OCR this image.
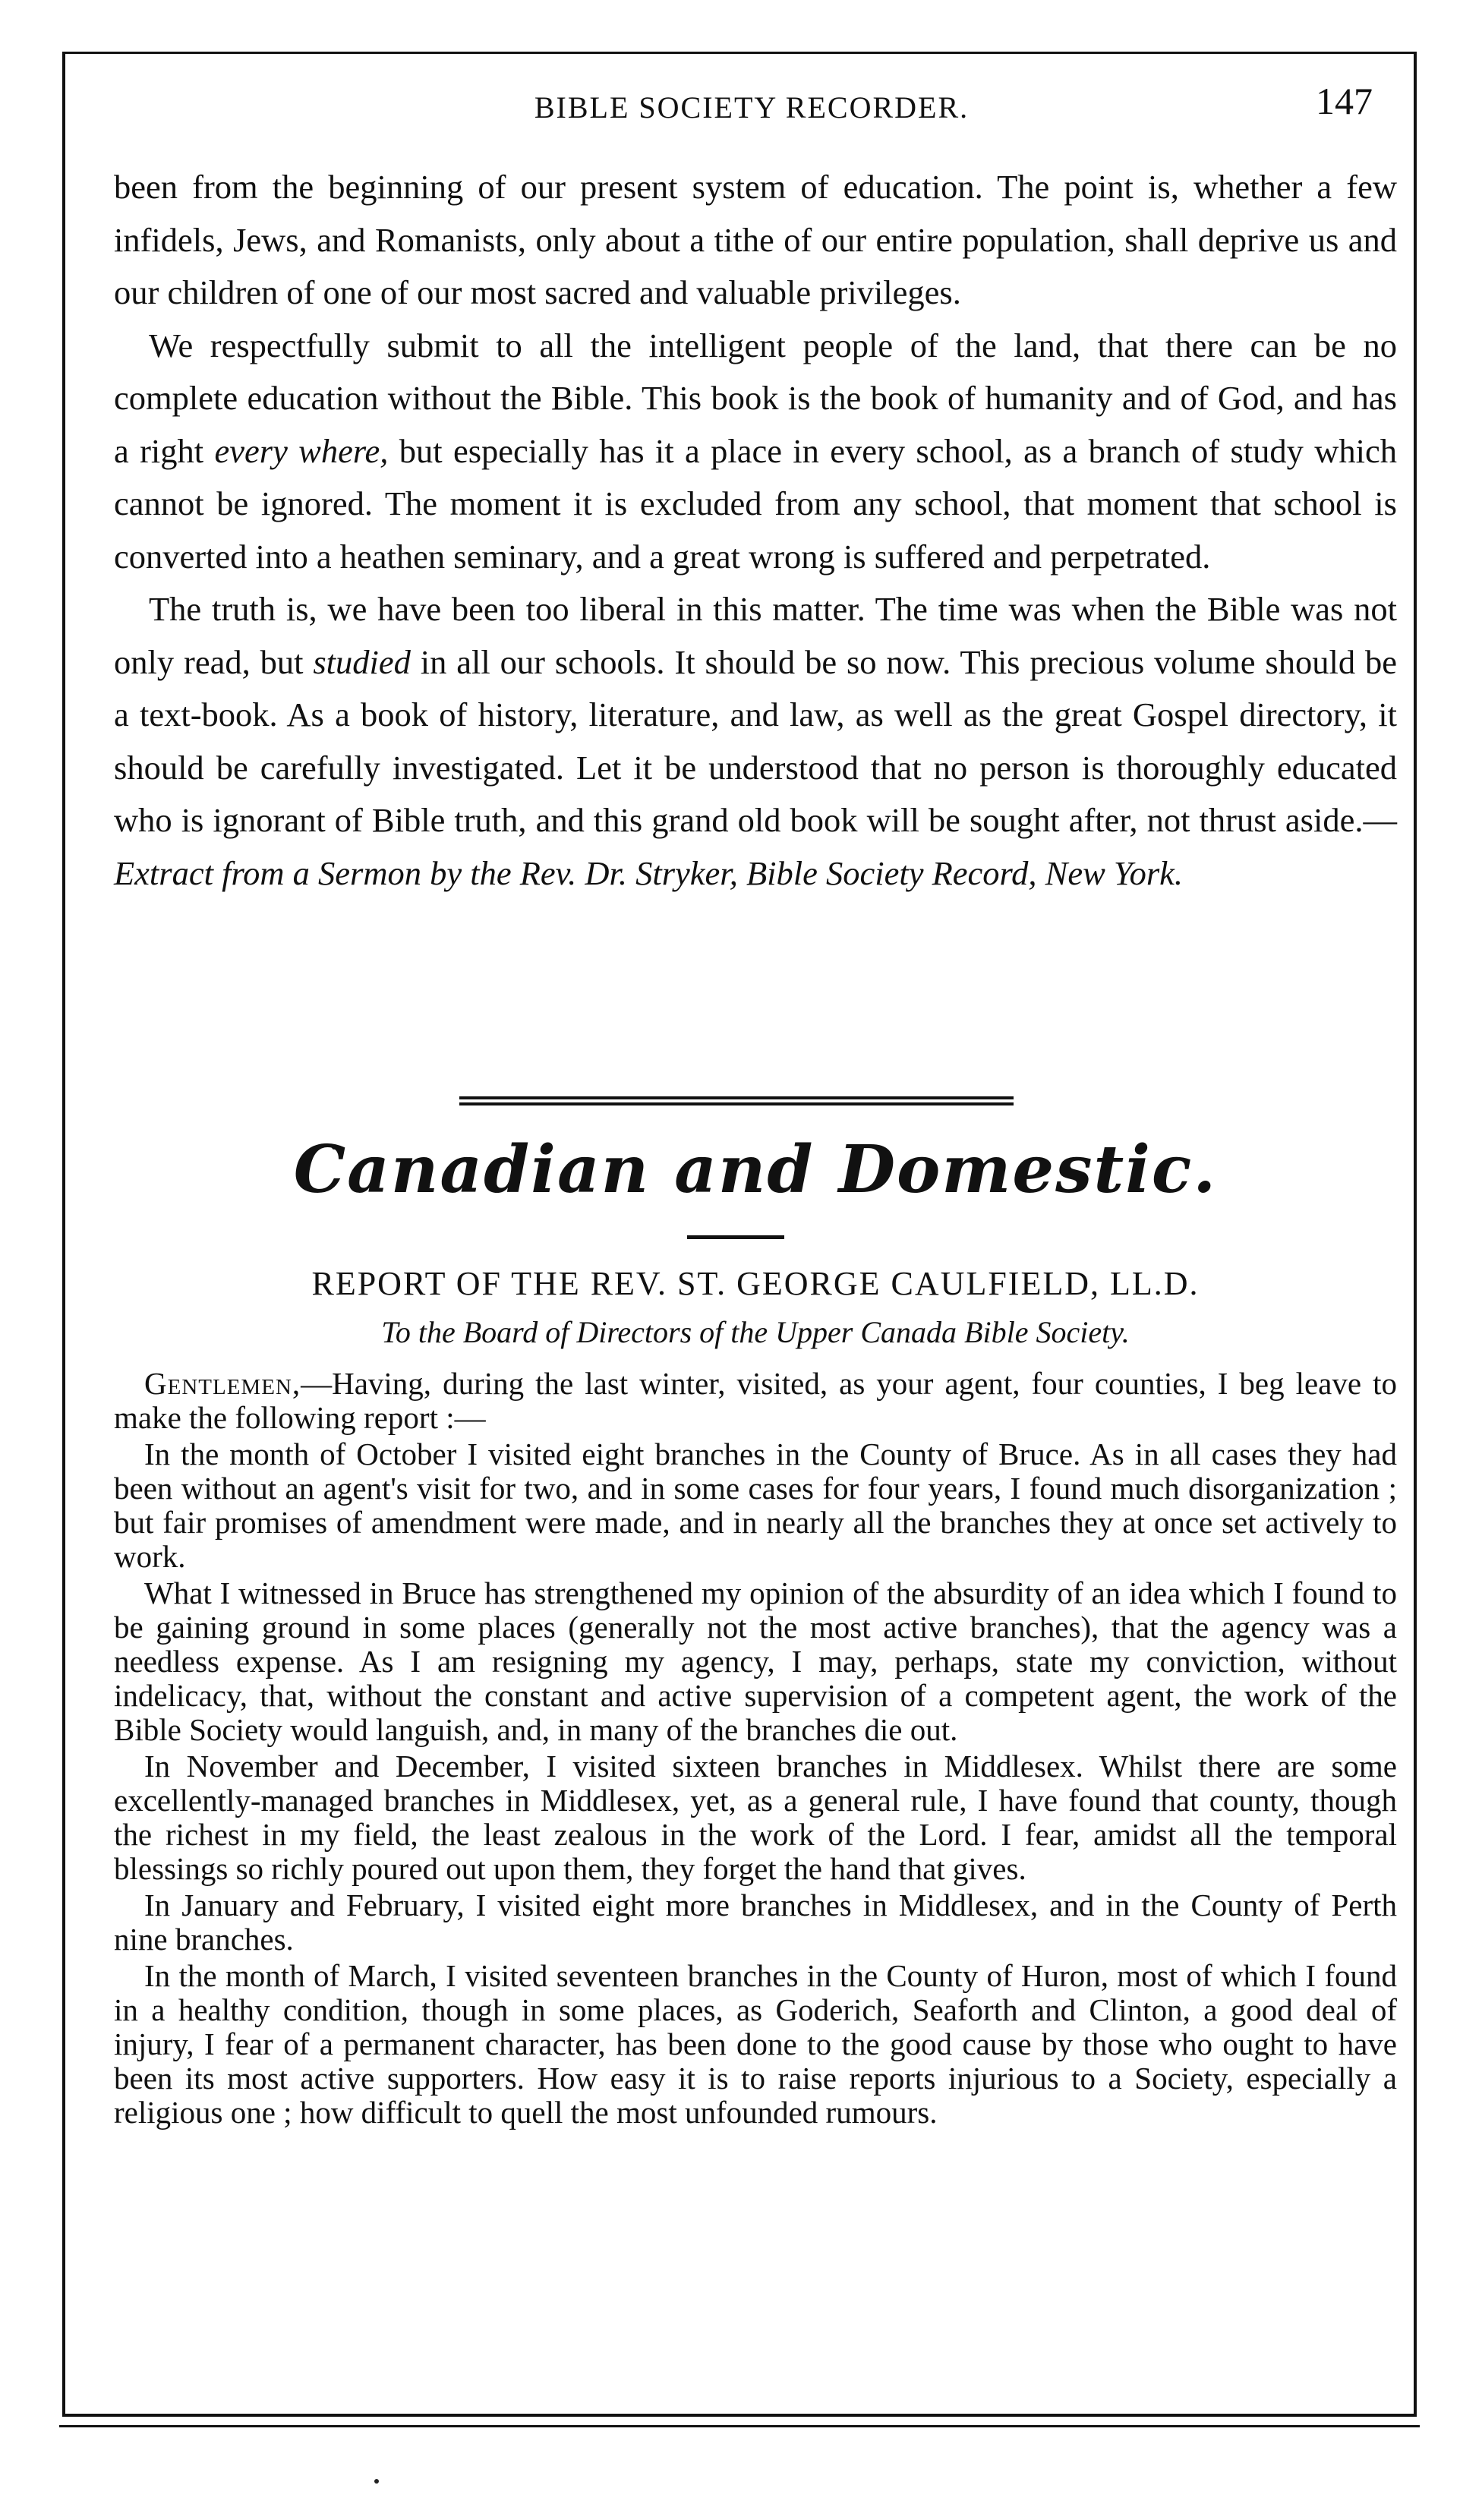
BIBLE SOCIETY RECORDER.	147

been from the beginning of our present system of education. The point is, whether a few infidels, Jews, and Romanists, only about a tithe of our entire population, shall deprive us and our children of one of our most sacred and valuable privileges.

We respectfully submit to all the intelligent people of the land, that there can be no complete education without the Bible. This book is the book of humanity and of God, and has a right every where, but especially has it a place in every school, as a branch of study which cannot be ignored. The moment it is excluded from any school, that moment that school is converted into a heathen seminary, and a great wrong is suffered and perpetrated.

The truth is, we have been too liberal in this matter. The time was when the Bible was not only read, but studied in all our schools. It should be so now. This precious volume should be a text-book. As a book of history, literature, and law, as well as the great Gospel directory, it should be carefully investigated. Let it be understood that no person is thoroughly educated who is ignorant of Bible truth, and this grand old book will be sought after, not thrust aside.—Extract from a Sermon by the Rev. Dr. Stryker, Bible Society Record, New York.

Canadian and Domestic.
REPORT OF THE REV. ST. GEORGE CAULFIELD, LL.D.
To the Board of Directors of the Upper Canada Bible Society.

Gentlemen,—Having, during the last winter, visited, as your agent, four counties, I beg leave to make the following report :—

In the month of October I visited eight branches in the County of Bruce. As in all cases they had been without an agent's visit for two, and in some cases for four years, I found much disorganization ; but fair promises of amendment were made, and in nearly all the branches they at once set actively to work.

What I witnessed in Bruce has strengthened my opinion of the absurdity of an idea which I found to be gaining ground in some places (generally not the most active branches), that the agency was a needless expense. As I am resigning my agency, I may, perhaps, state my conviction, without indelicacy, that, without the constant and active supervision of a competent agent, the work of the Bible Society would languish, and, in many of the branches die out.

In November and December, I visited sixteen branches in Middlesex. Whilst there are some excellently-managed branches in Middlesex, yet, as a general rule, I have found that county, though the richest in my field, the least zealous in the work of the Lord. I fear, amidst all the temporal blessings so richly poured out upon them, they forget the hand that gives.

In January and February, I visited eight more branches in Middlesex, and in the County of Perth nine branches.

In the month of March, I visited seventeen branches in the County of Huron, most of which I found in a healthy condition, though in some places, as Goderich, Seaforth and Clinton, a good deal of injury, I fear of a permanent character, has been done to the good cause by those who ought to have been its most active supporters. How easy it is to raise reports injurious to a Society, especially a religious one ; how difficult to quell the most unfounded rumours.
